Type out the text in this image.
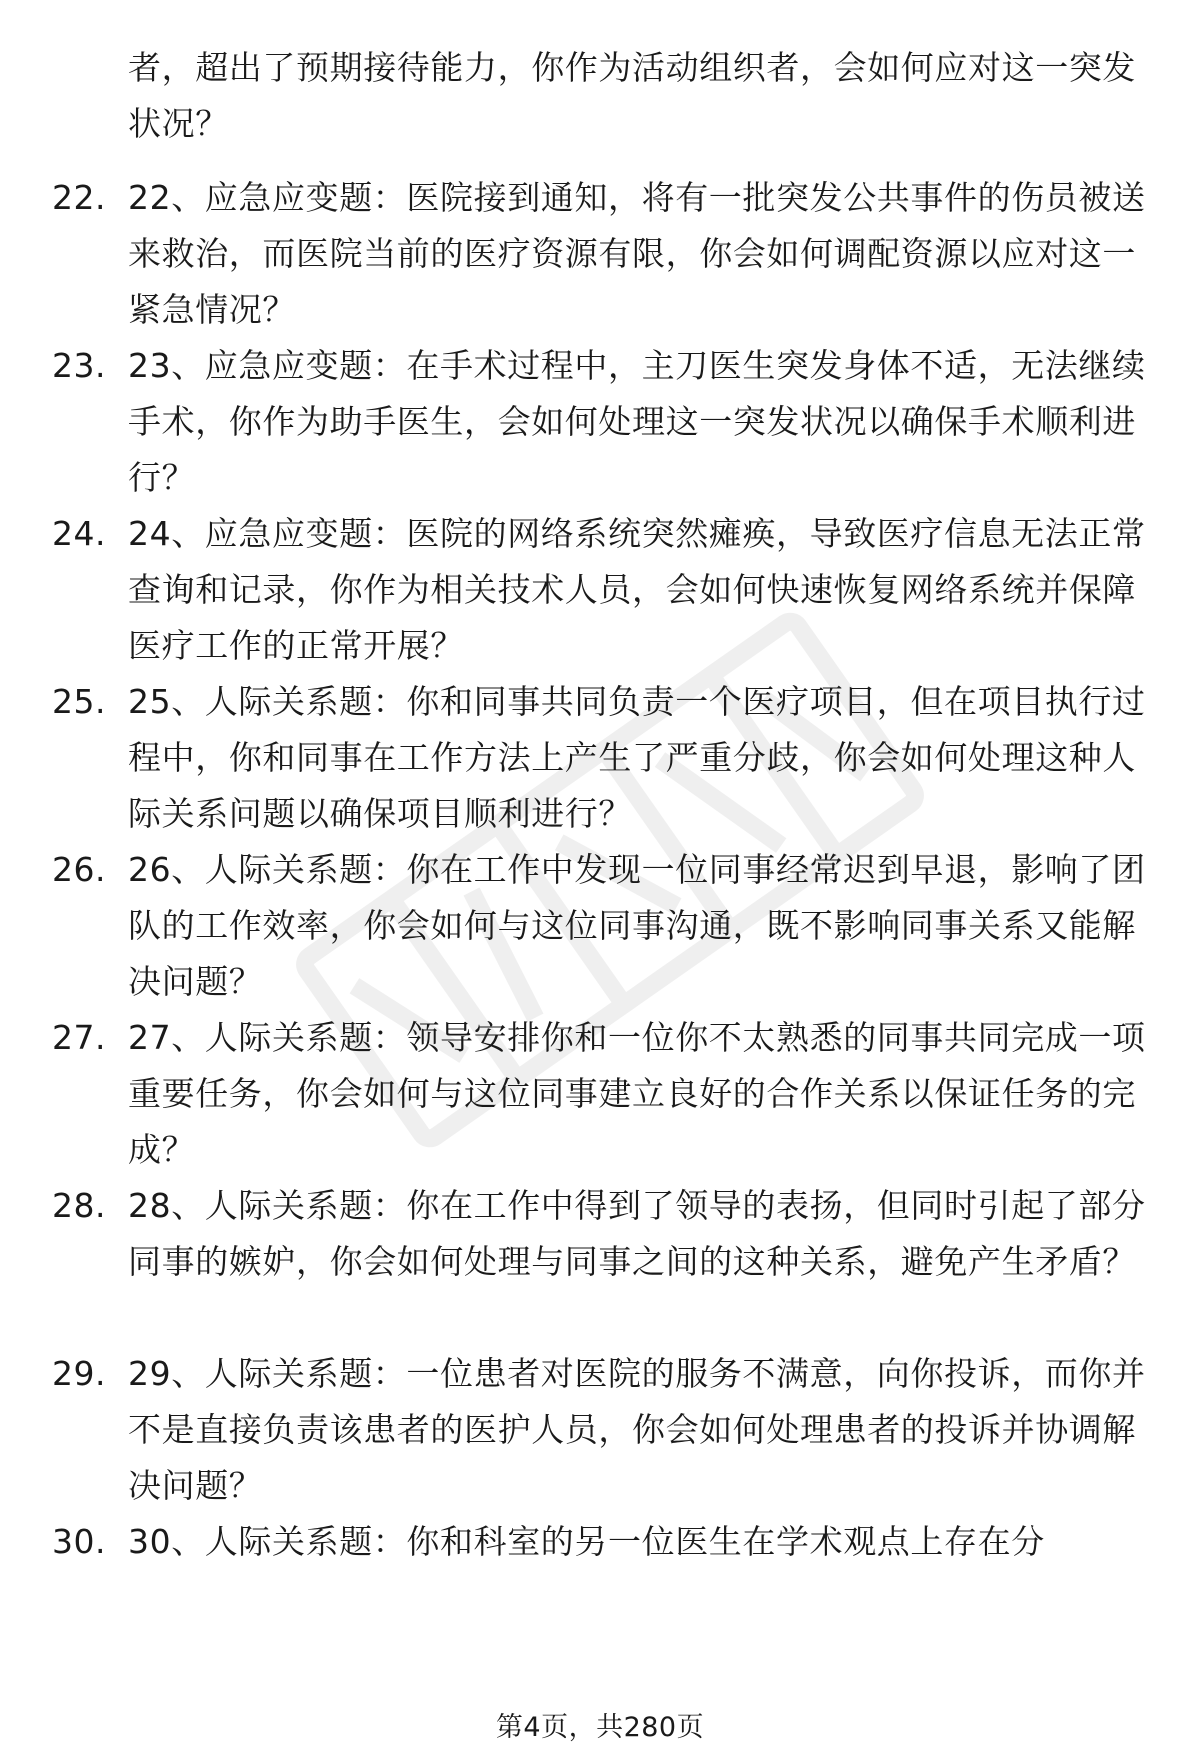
者，超出了预期接待能力，你作为活动组织者，会如何应对这一突发状况？
22. 22、应急应变题：医院接到通知，将有一批突发公共事件的伤员被送来救治，而医院当前的医疗资源有限，你会如何调配资源以应对这一紧急情况？
23. 23、应急应变题：在手术过程中，主刀医生突发身体不适，无法继续手术，你作为助手医生，会如何处理这一突发状况以确保手术顺利进行？
24. 24、应急应变题：医院的网络系统突然瘫痪，导致医疗信息无法正常查询和记录，你作为相关技术人员，会如何快速恢复网络系统并保障医疗工作的正常开展？
25. 25、人际关系题：你和同事共同负责一个医疗项目，但在项目执行过程中，你和同事在工作方法上产生了严重分歧，你会如何处理这种人际关系问题以确保项目顺利进行？
26. 26、人际关系题：你在工作中发现一位同事经常迟到早退，影响了团队的工作效率，你会如何与这位同事沟通，既不影响同事关系又能解决问题？
27. 27、人际关系题：领导安排你和一位你不太熟悉的同事共同完成一项重要任务，你会如何与这位同事建立良好的合作关系以保证任务的完成？
28. 28、人际关系题：你在工作中得到了领导的表扬，但同时引起了部分同事的嫉妒，你会如何处理与同事之间的这种关系，避免产生矛盾？
29. 29、人际关系题：一位患者对医院的服务不满意，向你投诉，而你并不是直接负责该患者的医护人员，你会如何处理患者的投诉并协调解决问题？
30. 30、人际关系题：你和科室的另一位医生在学术观点上存在分
第4页，共280页
